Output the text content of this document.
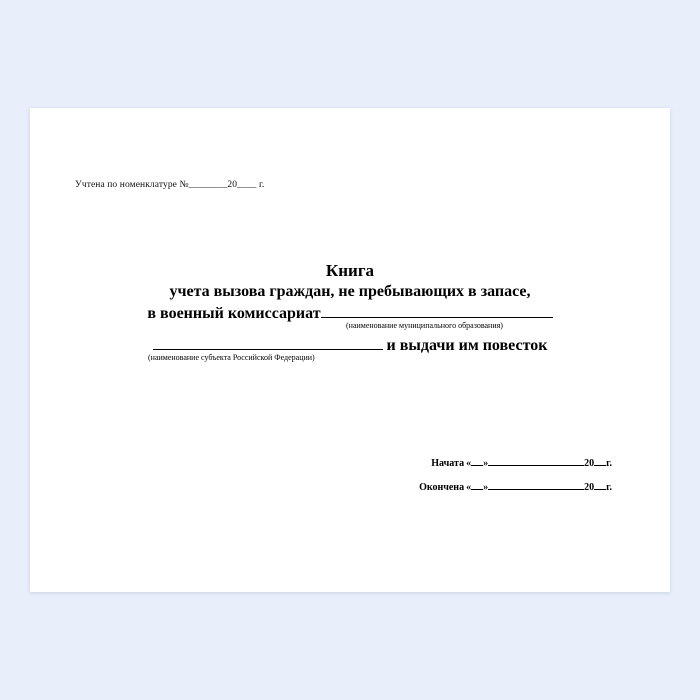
Учтена по номенклатуре №________20____ г.
Книга
учета вызова граждан, не пребывающих в запасе,
в военный комиссариат
(наименование муниципального образования)
и выдачи им повесток
(наименование субъекта Российской Федерации)
Начата « »	20 г.
Окончена « »	20 г.
